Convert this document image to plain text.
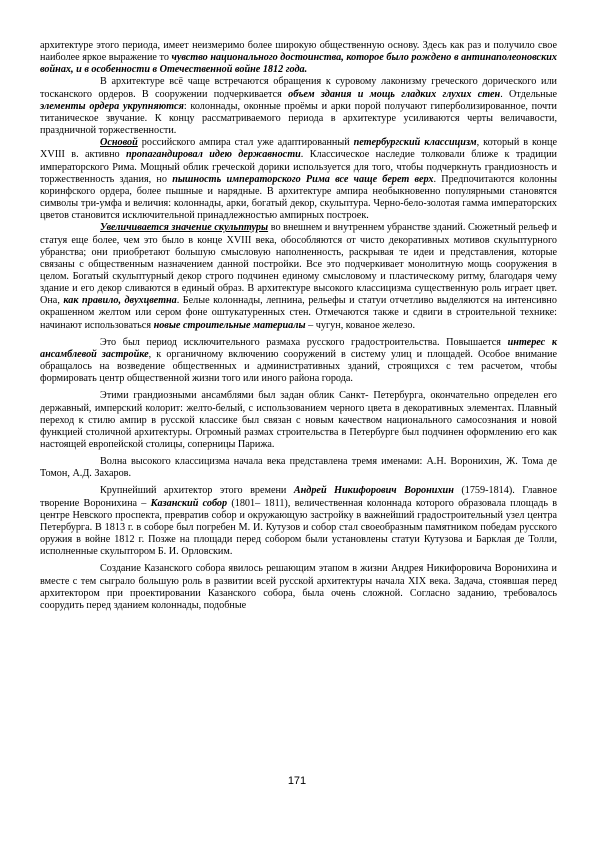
архитектуре этого периода, имеет неизмеримо более широкую общественную основу. Здесь как раз и получило свое наиболее яркое выражение то чувство национального достоинства, которое было рождено в антинаполеоновских войнах, и в особенности в Отечественной войне 1812 года.

В архитектуре всё чаще встречаются обращения к суровому лаконизму греческого дорического или тосканского ордеров. В сооружении подчеркивается объем здания и мощь гладких глухих стен. Отдельные элементы ордера укрупняются: колоннады, оконные проёмы и арки порой получают гиперболизированное, почти титаническое звучание. К концу рассматриваемого периода в архитектуре усиливаются черты величавости, праздничной торжественности.

Основой российского ампира стал уже адаптированный петербургский классицизм, который в конце XVIII в. активно пропагандировал идею державности. Классическое наследие толковали ближе к традиции императорского Рима. Мощный облик греческой дорики используется для того, чтобы подчеркнуть грандиозность и торжественность здания, но пышность императорского Рима все чаще берет верх. Предпочитаются колонны коринфского ордера, более пышные и нарядные. В архитектуре ампира необыкновенно популярными становятся символы три-умфа и величия: колоннады, арки, богатый декор, скульптура. Черно-бело-золотая гамма императорских цветов становится исключительной принадлежностью ампирных построек.

Увеличивается значение скульптуры во внешнем и внутреннем убранстве зданий. Сюжетный рельеф и статуя еще более, чем это было в конце XVIII века, обособляются от чисто декоративных мотивов скульптурного убранства; они приобретают большую смысловую наполненность, раскрывая те идеи и представления, которые связаны с общественным назначением данной постройки. Все это подчеркивает монолитную мощь сооружения в целом. Богатый скульптурный декор строго подчинен единому смысловому и пластическому ритму, благодаря чему здание и его декор сливаются в единый образ. В архитектуре высокого классицизма существенную роль играет цвет. Она, как правило, двухцветна. Белые колоннады, лепнина, рельефы и статуи отчетливо выделяются на интенсивно окрашенном желтом или сером фоне оштукатуренных стен. Отмечаются также и сдвиги в строительной технике: начинают использоваться новые строительные материалы – чугун, кованое железо.

Это был период исключительного размаха русского градостроительства. Повышается интерес к ансамблевой застройке, к органичному включению сооружений в систему улиц и площадей. Особое внимание обращалось на возведение общественных и административных зданий, строящихся с тем расчетом, чтобы формировать центр общественной жизни того или иного района города.

Этими грандиозными ансамблями был задан облик Санкт- Петербурга, окончательно определен его державный, имперский колорит: желто-белый, с использованием черного цвета в декоративных элементах. Плавный переход к стилю ампир в русской классике был связан с новым качеством национального самосознания и новой функцией столичной архитектуры. Огромный размах строительства в Петербурге был подчинен оформлению его как настоящей европейской столицы, соперницы Парижа.

Волна высокого классицизма начала века представлена тремя именами: А.Н. Воронихин, Ж. Тома де Томон, А.Д. Захаров.

Крупнейший архитектор этого времени Андрей Никифорович Воронихин (1759-1814). Главное творение Воронихина – Казанский собор (1801– 1811), величественная колоннада которого образовала площадь в центре Невского проспекта, превратив собор и окружающую застройку в важнейший градостроительный узел центра Петербурга. В 1813 г. в соборе был погребен М. И. Кутузов и собор стал своеобразным памятником победам русского оружия в войне 1812 г. Позже на площади перед собором были установлены статуи Кутузова и Барклая де Толли, исполненные скульптором Б. И. Орловским.

Создание Казанского собора явилось решающим этапом в жизни Андрея Никифоровича Воронихина и вместе с тем сыграло большую роль в развитии всей русской архитектуры начала XIX века. Задача, стоявшая перед архитектором при проектировании Казанского собора, была очень сложной. Согласно заданию, требовалось соорудить перед зданием колоннады, подобные

171
